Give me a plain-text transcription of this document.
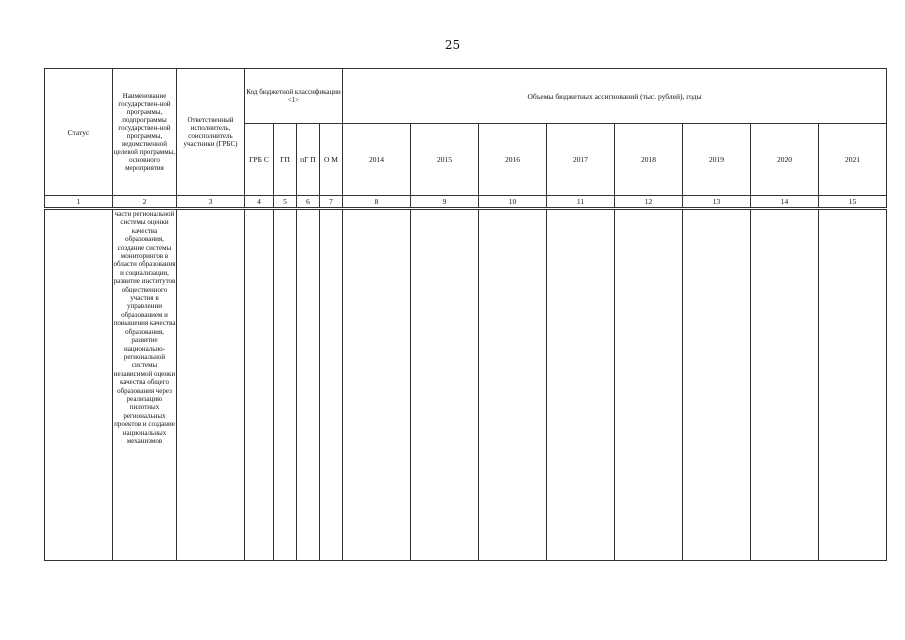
25
Статус	Наименование государствен-ной программы, подпрограммы государствен-ной программы, ведомственной целевой программы, основного мероприятия	Ответственный исполнитель, соисполнитель участники (ГРБС)	Код бюджетной классификации <1>				Объемы бюджетных ассигнований (тыс. рублей), годы							
			ГРБ С	ГП	пГ П	О М	2014	2015	2016	2017	2018	2019	2020	2021
1	2	3	4	5	6	7	8	9	10	11	12	13	14	15
	части региональной системы оценки качества образования, создание системы мониторингов в области образования и социализации, развитие институтов общественного участия в управлении образованием и повышения качества образования, развитие национально-региональной системы независимой оценки качества общего образования через реализацию пилотных региональных проектов и создание национальных механизмов													
